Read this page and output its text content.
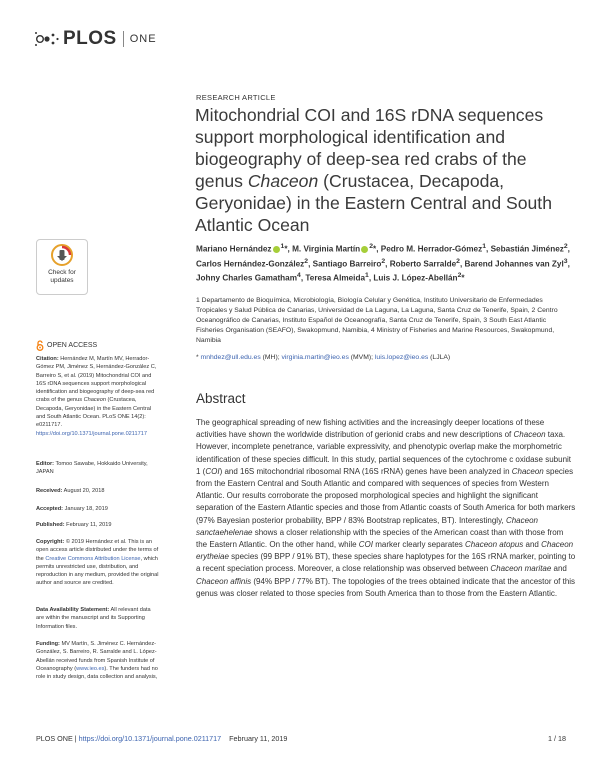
PLOS ONE
RESEARCH ARTICLE
Mitochondrial COI and 16S rDNA sequences support morphological identification and biogeography of deep-sea red crabs of the genus Chaceon (Crustacea, Decapoda, Geryonidae) in the Eastern Central and South Atlantic Ocean
Mariano Hernández $^1$*, M. Virginia Martín $^2$*, Pedro M. Herrador-Gómez$^1$, Sebastián Jiménez$^2$, Carlos Hernández-González$^2$, Santiago Barreiro$^2$, Roberto Sarralde$^2$, Barend Johannes van Zyl$^3$, Johny Charles Gamatham$^4$, Teresa Almeida$^1$, Luis J. López-Abellán$^2$*
1 Departamento de Bioquímica, Microbiología, Biología Celular y Genética, Instituto Universitario de Enfermedades Tropicales y Salud Pública de Canarias, Universidad de La Laguna, La Laguna, Santa Cruz de Tenerife, Spain, 2 Centro Oceanográfico de Canarias, Instituto Español de Oceanografía, Santa Cruz de Tenerife, Spain, 3 South East Atlantic Fisheries Organisation (SEAFO), Swakopmund, Namibia, 4 Ministry of Fisheries and Marine Resources, Swakopmund, Namibia
* mnhdez@ull.edu.es (MH); virginia.martin@ieo.es (MVM); luis.lopez@ieo.es (LJLA)
Abstract
The geographical spreading of new fishing activities and the increasingly deeper locations of these activities have shown the worldwide distribution of gerionid crabs and new descriptions of Chaceon taxa. However, incomplete penetrance, variable expressivity, and phenotypic overlap make the morphometric identification of these species difficult. In this study, partial sequences of the cytochrome c oxidase subunit 1 (COI) and 16S mitochondrial ribosomal RNA (16S rRNA) genes have been analyzed in Chaceon species from the Eastern Central and South Atlantic and compared with sequences of species from Western Atlantic. Our results corroborate the proposed morphological species and highlight the significant separation of the Eastern Atlantic species and those from Atlantic coasts of South America for both markers (97% Bayesian posterior probability, BPP / 83% Bootstrap replicates, BT). Interestingly, Chaceon sanctaehelenae shows a closer relationship with the species of the American coast than with those from the Eastern Atlantic. On the other hand, while COI marker clearly separates Chaceon atopus and Chaceon erytheiae species (99 BPP / 91% BT), these species share haplotypes for the 16S rRNA marker, pointing to a recent speciation process. Moreover, a close relationship was observed between Chaceon maritae and Chaceon affinis (94% BPP / 77% BT). The topologies of the trees obtained indicate that the ancestor of this genus was closer related to those species from South America than to those from the Eastern Atlantic.
Check for
updates
OPEN ACCESS
Citation: Hernández M, Martín MV, Herrador-Gómez PM, Jiménez S, Hernández-González C, Barreiro S, et al. (2019) Mitochondrial COI and 16S rDNA sequences support morphological identification and biogeography of deep-sea red crabs of the genus Chaceon (Crustacea, Decapoda, Geryonidae) in the Eastern Central and South Atlantic Ocean. PLoS ONE 14(2): e0211717. https://doi.org/10.1371/journal.pone.0211717
Editor: Tomoo Sawabe, Hokkaido University, JAPAN
Received: August 20, 2018
Accepted: January 18, 2019
Published: February 11, 2019
Copyright: © 2019 Hernández et al. This is an open access article distributed under the terms of the Creative Commons Attribution License, which permits unrestricted use, distribution, and reproduction in any medium, provided the original author and source are credited.
Data Availability Statement: All relevant data are within the manuscript and its Supporting Information files.
Funding: MV Martín, S. Jiménez C. Hernández-González, S. Barreiro, R. Sarralde and L. López-Abellán received funds from Spanish Institute of Oceanography (www.ieo.es). The funders had no role in study design, data collection and analysis,
PLOS ONE | https://doi.org/10.1371/journal.pone.0211717 February 11, 2019	1 / 18
